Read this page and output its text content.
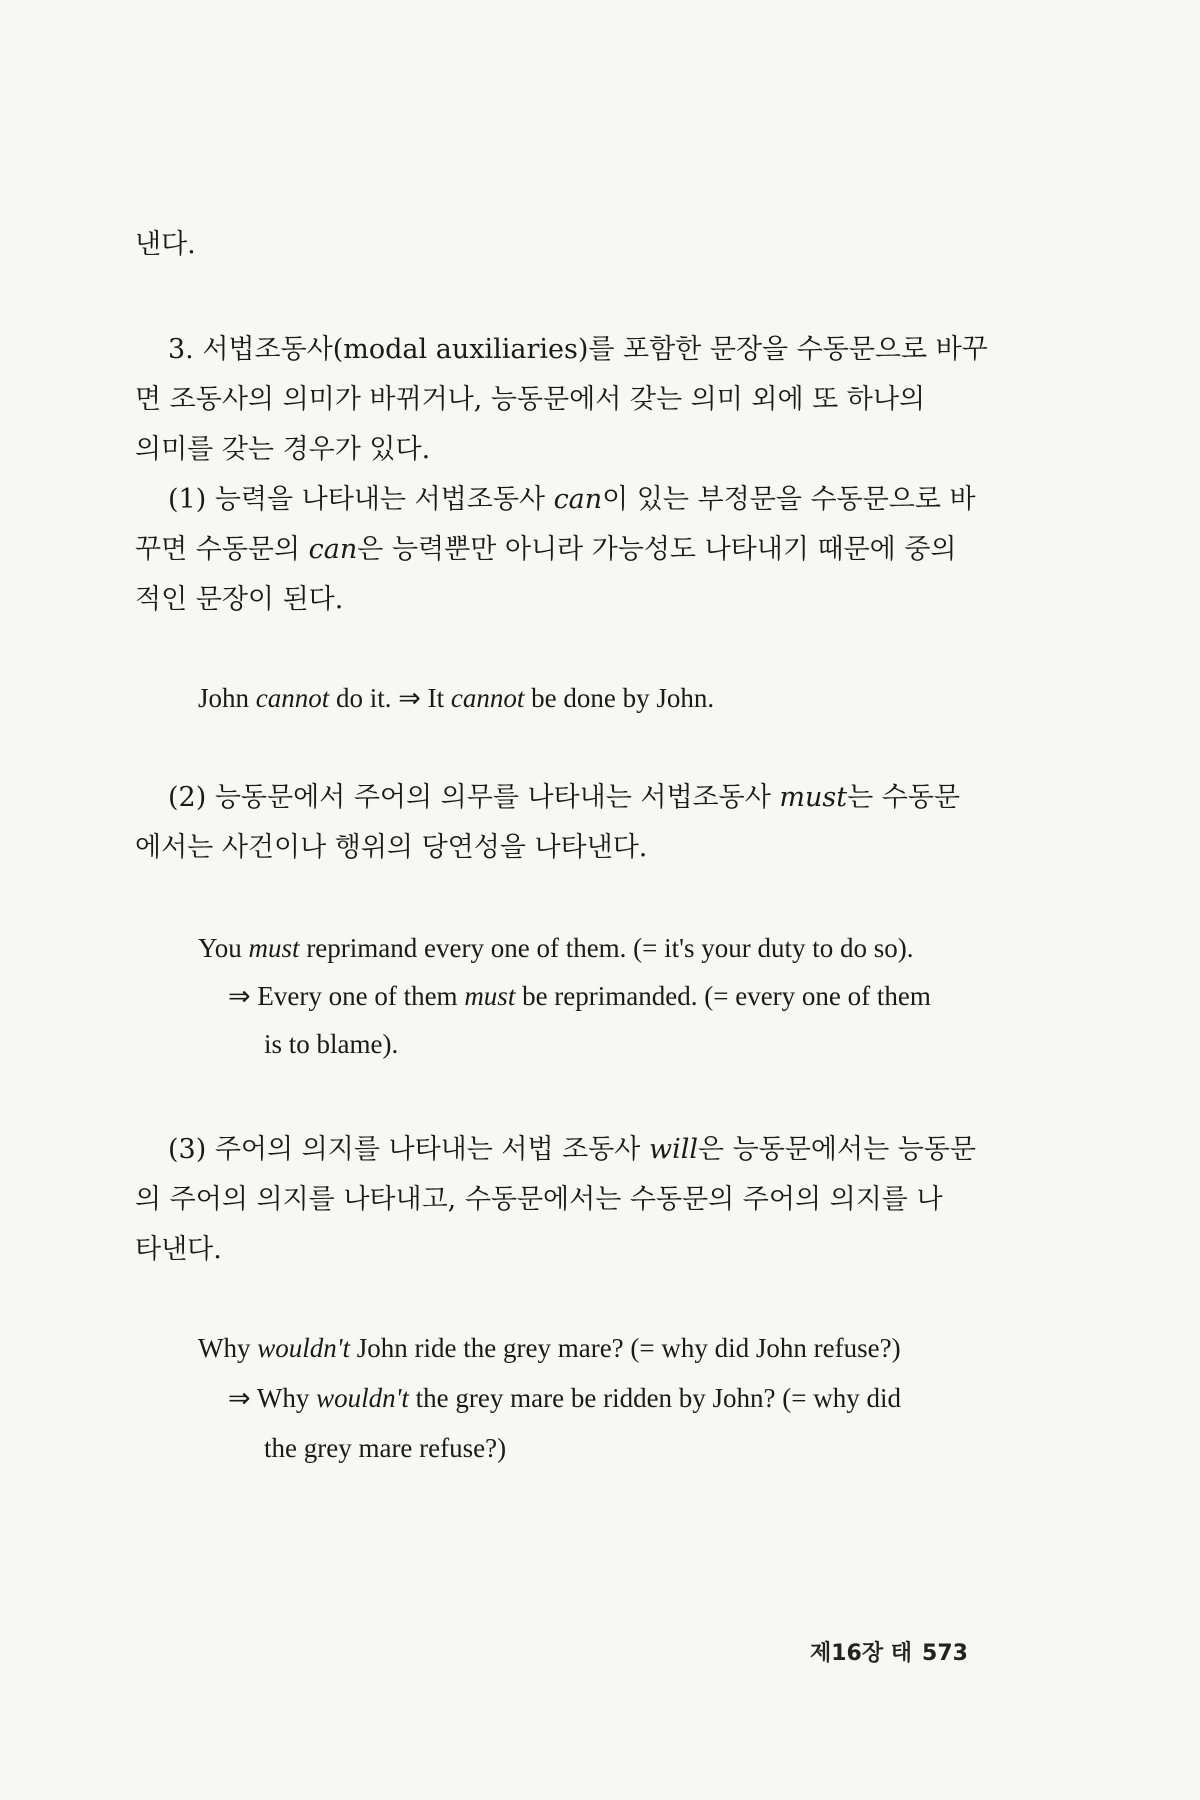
낸다.
3. 서법조동사(modal auxiliaries)를 포함한 문장을 수동문으로 바꾸
면 조동사의 의미가 바뀌거나, 능동문에서 갖는 의미 외에 또 하나의
의미를 갖는 경우가 있다.
(1) 능력을 나타내는 서법조동사 can이 있는 부정문을 수동문으로 바
꾸면 수동문의 can은 능력뿐만 아니라 가능성도 나타내기 때문에 중의
적인 문장이 된다.
John cannot do it. ⇒ It cannot be done by John.
(2) 능동문에서 주어의 의무를 나타내는 서법조동사 must는 수동문
에서는 사건이나 행위의 당연성을 나타낸다.
You must reprimand every one of them. (= it's your duty to do so).
⇒ Every one of them must be reprimanded. (= every one of them
is to blame).
(3) 주어의 의지를 나타내는 서법 조동사 will은 능동문에서는 능동문
의 주어의 의지를 나타내고, 수동문에서는 수동문의 주어의 의지를 나
타낸다.
Why wouldn't John ride the grey mare? (= why did John refuse?)
⇒ Why wouldn't the grey mare be ridden by John? (= why did
the grey mare refuse?)
제16장 태 573
